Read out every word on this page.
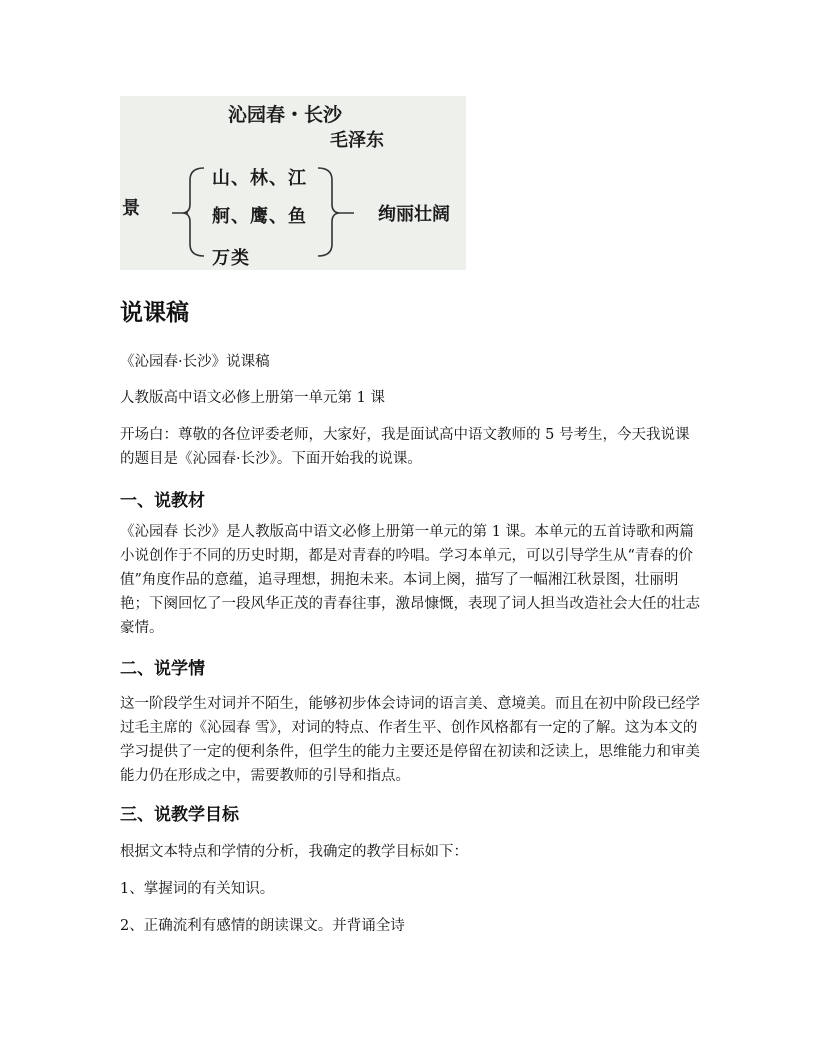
沁园春・长沙
毛泽东
景
山、林、江
舸、鹰、鱼
万类
绚丽壮阔
说课稿

《沁园春·长沙》说课稿

人教版高中语文必修上册第一单元第 1 课

开场白：尊敬的各位评委老师，大家好，我是面试高中语文教师的 5 号考生，今天我说课的题目是《沁园春·长沙》。下面开始我的说课。

一、说教材

《沁园春 长沙》是人教版高中语文必修上册第一单元的第 1 课。本单元的五首诗歌和两篇小说创作于不同的历史时期，都是对青春的吟唱。学习本单元，可以引导学生从“青春的价值”角度作品的意蕴，追寻理想，拥抱未来。本词上阕，描写了一幅湘江秋景图，壮丽明艳；下阕回忆了一段风华正茂的青春往事，激昂慷慨，表现了词人担当改造社会大任的壮志豪情。

二、说学情

这一阶段学生对词并不陌生，能够初步体会诗词的语言美、意境美。而且在初中阶段已经学过毛主席的《沁园春 雪》，对词的特点、作者生平、创作风格都有一定的了解。这为本文的学习提供了一定的便利条件，但学生的能力主要还是停留在初读和泛读上，思维能力和审美能力仍在形成之中，需要教师的引导和指点。

三、说教学目标

根据文本特点和学情的分析，我确定的教学目标如下：

1、掌握词的有关知识。

2、正确流利有感情的朗读课文。并背诵全诗
